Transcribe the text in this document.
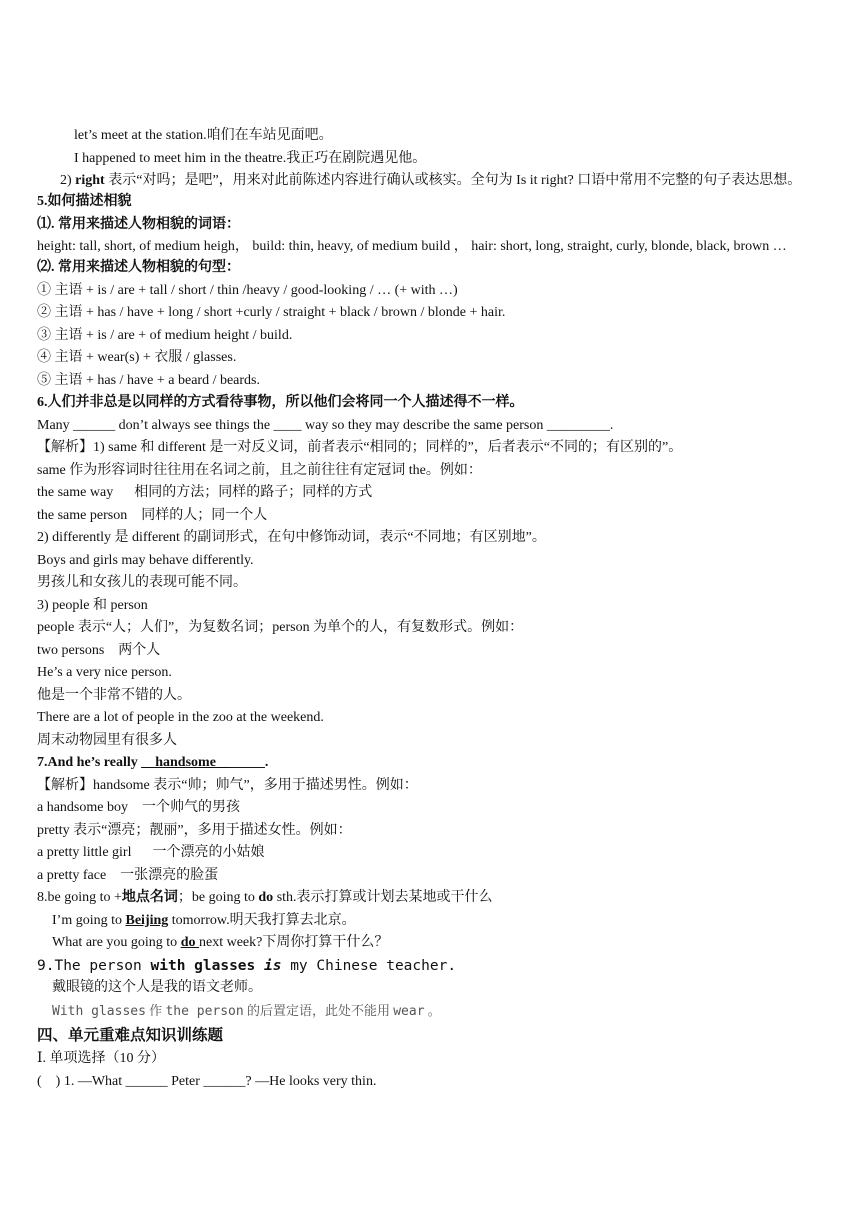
let’s meet at the station.咱们在车站见面吧。
I happened to meet him in the theatre.我正巧在剧院遇见他。
2) right 表示“对吗；是吧”，用来对此前陈述内容进行确认或核实。全句为 Is it right? 口语中常用不完整的句子表达思想。
5.如何描述相貌
⑴. 常用来描述人物相貌的词语：
height: tall, short, of medium heigh， build: thin, heavy, of medium build ， hair: short, long, straight, curly, blonde, black, brown …
⑵. 常用来描述人物相貌的句型：
① 主语 + is / are + tall / short / thin /heavy / good-looking / … (+ with …)
② 主语 + has / have + long / short +curly / straight + black / brown / blonde + hair.
③ 主语 + is / are + of medium height / build.
④ 主语 + wear(s) + 衣服 / glasses.
⑤ 主语 + has / have + a beard / beards.
6.人们并非总是以同样的方式看待事物，所以他们会将同一个人描述得不一样。
Many ______ don’t always see things the ____ way so they may describe the same person _________.
【解析】1) same 和 different 是一对反义词，前者表示“相同的；同样的”，后者表示“不同的；有区别的”。
same 作为形容词时往往用在名词之前，且之前往往有定冠词 the。例如：
the same way      相同的方法；同样的路子；同样的方式
the same person    同样的人；同一个人
2) differently 是 different 的副词形式，在句中修饰动词，表示“不同地；有区别地”。
Boys and girls may behave differently.
男孩儿和女孩儿的表现可能不同。
3) people 和 person
people 表示“人；人们”，为复数名词；person 为单个的人，有复数形式。例如：
two persons    两个人
He’s a very nice person.
他是一个非常不错的人。
There are a lot of people in the zoo at the weekend.
周末动物园里有很多人
7.And he’s really __handsome_______.
【解析】handsome 表示“帅；帅气”，多用于描述男性。例如：
a handsome boy    一个帅气的男孩
pretty 表示“漂亮；靓丽”，多用于描述女性。例如：
a pretty little girl      一个漂亮的小姑娘
a pretty face    一张漂亮的脸蛋
8.be going to +地点名词；be going to do sth.表示打算或计划去某地或干什么
I’m going to Beijing tomorrow.明天我打算去北京。
What are you going to do next week?下周你打算干什么？
9.The person with glasses is my Chinese teacher.
戴眼镜的这个人是我的语文老师。
With glasses 作 the person 的后置定语，此处不能用 wear 。
四、单元重难点知识训练题
Ⅰ. 单项选择（10 分）
(    ) 1. —What ______ Peter ______? —He looks very thin.
